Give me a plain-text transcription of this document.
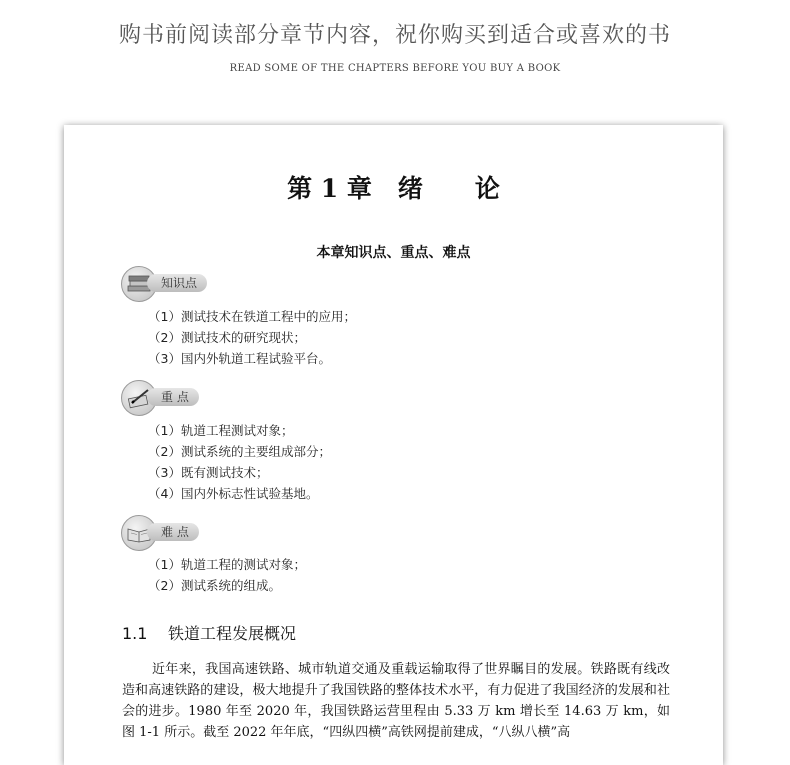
购书前阅读部分章节内容，祝你购买到适合或喜欢的书
READ SOME OF THE CHAPTERS BEFORE YOU BUY A BOOK
第 1 章 绪 论
本章知识点、重点、难点
知识点
（1）测试技术在铁道工程中的应用；
（2）测试技术的研究现状；
（3）国内外轨道工程试验平台。
重 点
（1）轨道工程测试对象；
（2）测试系统的主要组成部分；
（3）既有测试技术；
（4）国内外标志性试验基地。
难 点
（1）轨道工程的测试对象；
（2）测试系统的组成。
1.1 铁道工程发展概况
近年来，我国高速铁路、城市轨道交通及重载运输取得了世界瞩目的发展。铁路既有线改造和高速铁路的建设，极大地提升了我国铁路的整体技术水平，有力促进了我国经济的发展和社会的进步。1980 年至 2020 年，我国铁路运营里程由 5.33 万 km 增长至 14.63 万 km，如图 1-1 所示。截至 2022 年年底，“四纵四横”高铁网提前建成，“八纵八横”高
